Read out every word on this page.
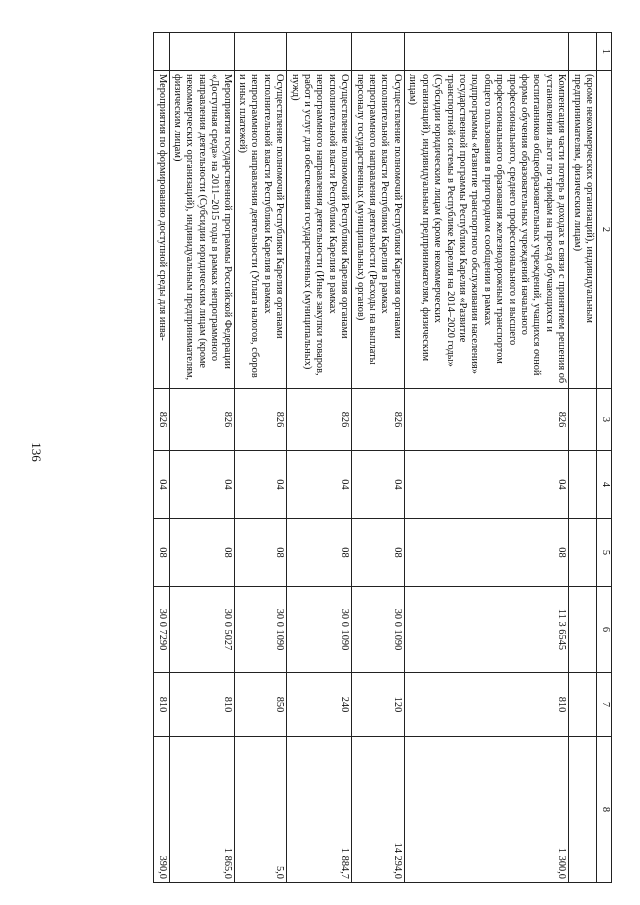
136
1	2	3	4	5	6	7	8
	(кроме некоммерческих организаций), индивидуальным предпринимателям, физическим лицам)						
	Компенсация части потерь в доходах в связи с принятием решения об установлении льгот по тарифам на проезд обучающихся и воспитанников общеобразовательных учреждений, учащихся очной формы обучения образовательных учреждений начального профессионального, среднего профессионального и высшего профессионального образования железнодорожным транспортом общего пользования в пригородном сообщении в рамках подпрограммы «Развитие транспортного обслуживания населения» государственной программы Республики Карелия «Развитие транспортной системы в Республике Карелия на 2014–2020 годы» (Субсидии юридическим лицам (кроме некоммерческих организаций), индивидуальным предпринимателям, физическим лицам)	826	04	08	11 3 6545	810	1 300,0
	Осуществление полномочий Республики Карелия органами исполнительной власти Республики Карелия в рамках непрограммного направления деятельности (Расходы на выплаты персоналу государственных (муниципальных) органов)	826	04	08	30 0 1090	120	14 294,0
	Осуществление полномочий Республики Карелия органами исполнительной власти Республики Карелия в рамках непрограммного направления деятельности (Иные закупки товаров, работ и услуг для обеспечения государственных (муниципальных) нужд)	826	04	08	30 0 1090	240	1 884,7
	Осуществление полномочий Республики Карелия органами исполнительной власти Республики Карелия в рамках непрограммного направления деятельности (Уплата налогов, сборов и иных платежей)	826	04	08	30 0 1090	850	5,0
	Мероприятия государственной программы Российской Федерации «Доступная среда» на 2011–2015 годы в рамках непрограммного направления деятельности (Субсидии юридическим лицам (кроме некоммерческих организаций), индивидуальным предпринимателям, физическим лицам)	826	04	08	30 0 5027	810	1 865,0
	Мероприятия по формированию доступной среды для инва-	826	04	08	30 0 7290	810	390,0
